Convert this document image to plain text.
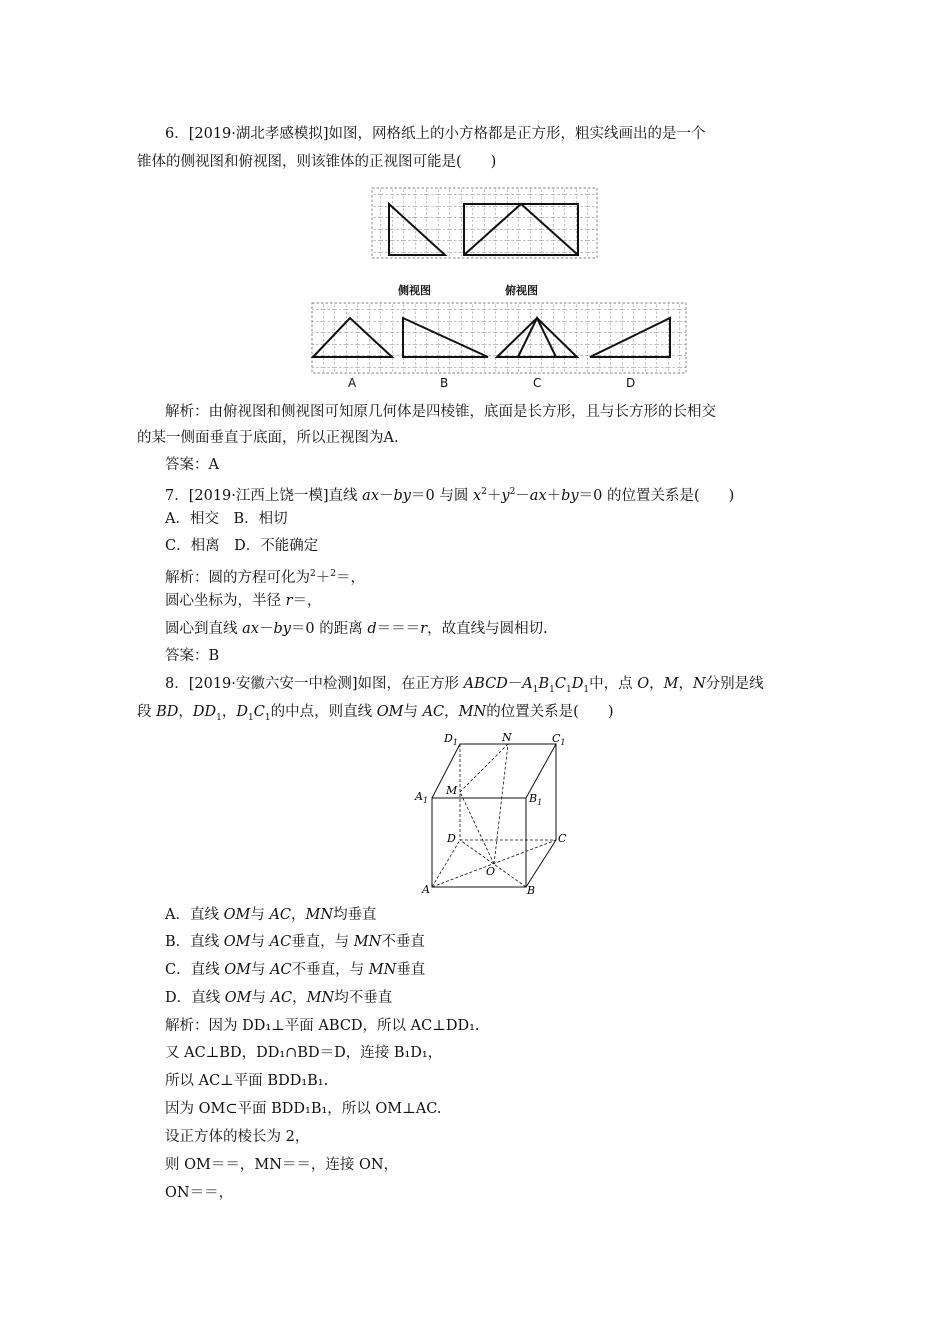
6．[2019·湖北孝感模拟]如图，网格纸上的小方格都是正方形，粗实线画出的是一个
锥体的侧视图和俯视图，则该锥体的正视图可能是(　　)
侧视图	俯视图
A	B	C	D
解析：由俯视图和侧视图可知原几何体是四棱锥，底面是长方形，且与长方形的长相交
的某一侧面垂直于底面，所以正视图为A.
答案：A
7．[2019·江西上饶一模]直线 ax－by＝0 与圆 $x^2+y^2-ax+by=0$ 的位置关系是(　　)
A．相交　B．相切
C．相离　D．不能确定
解析：圆的方程可化为$^2$＋$^2$＝，
圆心坐标为，半径 r＝，
圆心到直线 ax－by＝0 的距离 d＝＝＝r，故直线与圆相切.
答案：B
8．[2019·安徽六安一中检测]如图，在正方形 $ABCD-A_1B_1C_1D_1$中，点 O，M，N分别是线
段 BD，$DD_1$，$D_1C_1$的中点，则直线 OM与 AC，MN的位置关系是(　　)
$D_1$	N	$C_1$
$A_1$
M
$B_1$
D	C
O
A	B
A．直线 OM与 AC，MN均垂直
B．直线 OM与 AC垂直，与 MN不垂直
C．直线 OM与 AC不垂直，与 MN垂直
D．直线 OM与 AC，MN均不垂直
解析：因为 DD₁⊥平面 ABCD，所以 AC⊥DD₁.
又 AC⊥BD，DD₁∩BD＝D，连接 B₁D₁，
所以 AC⊥平面 BDD₁B₁.
因为 OM⊂平面 BDD₁B₁，所以 OM⊥AC.
设正方体的棱长为 2，
则 OM＝＝，MN＝＝，连接 ON，
ON＝＝，
